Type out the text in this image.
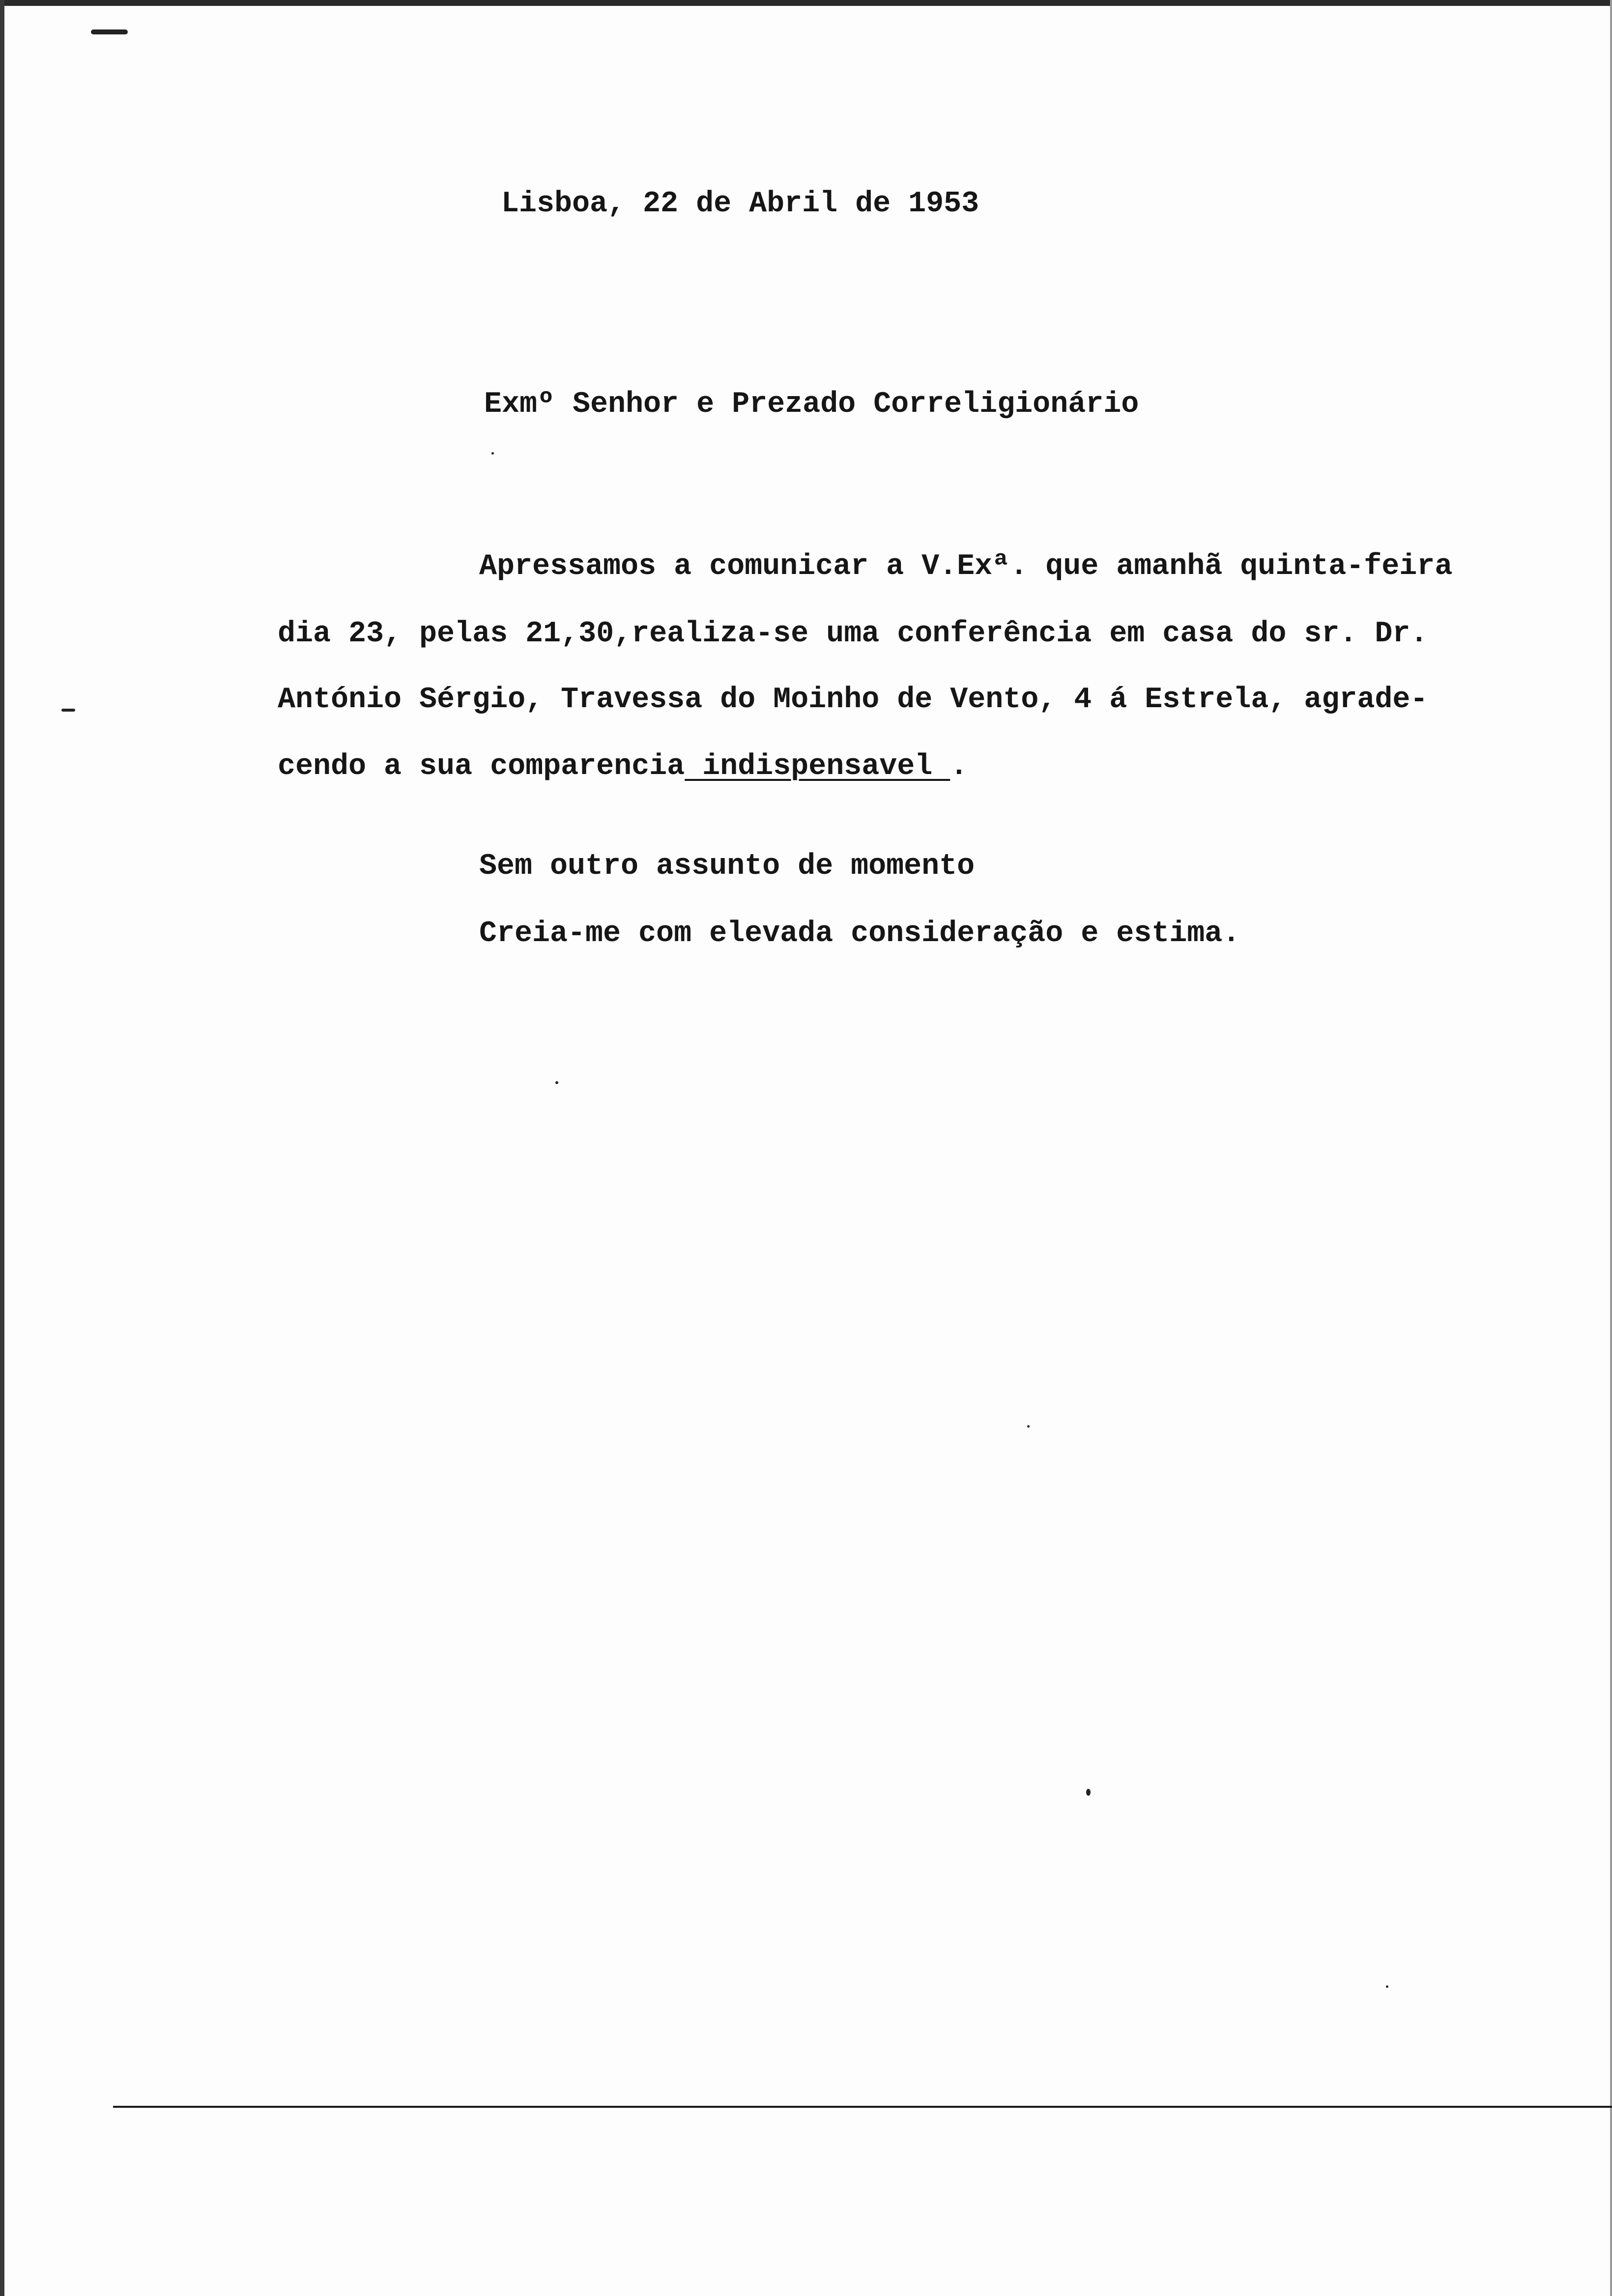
Lisboa, 22 de Abril de 1953
Exmº Senhor e Prezado Correligionário
Apressamos a comunicar a V.Exª. que amanhã quinta-feira
dia 23, pelas 21,30,realiza-se uma conferência em casa do sr. Dr.
António Sérgio, Travessa do Moinho de Vento, 4 á Estrela, agrade-
cendo a sua comparencia indispensavel .
Sem outro assunto de momento
Creia-me com elevada consideração e estima.
